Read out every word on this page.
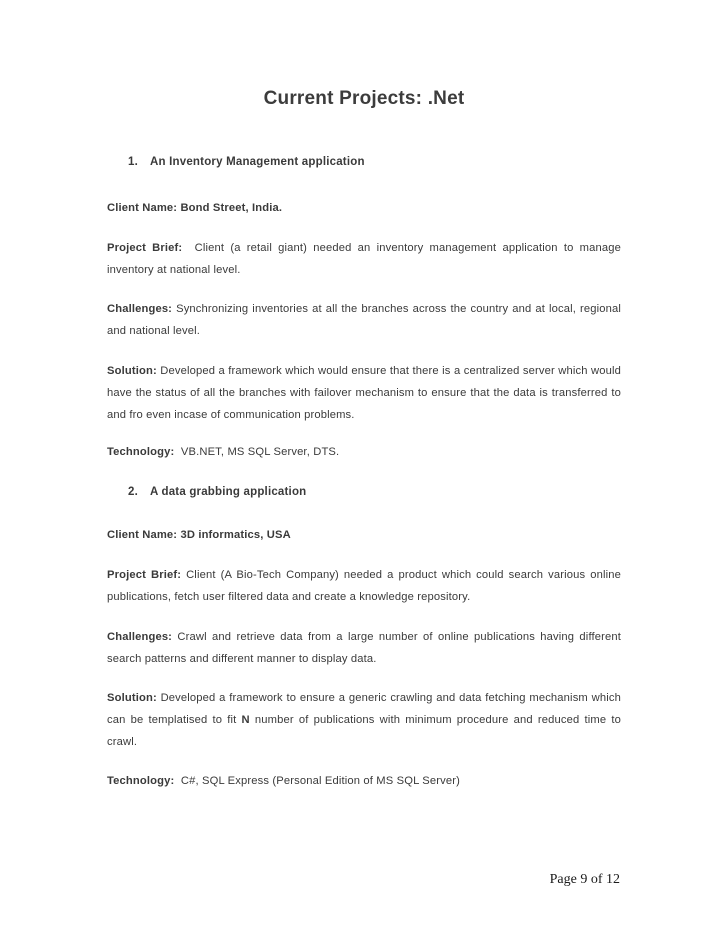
Current Projects: .Net
1. An Inventory Management application
Client Name: Bond Street, India.
Project Brief: Client (a retail giant) needed an inventory management application to manage inventory at national level.
Challenges: Synchronizing inventories at all the branches across the country and at local, regional and national level.
Solution: Developed a framework which would ensure that there is a centralized server which would have the status of all the branches with failover mechanism to ensure that the data is transferred to and fro even incase of communication problems.
Technology: VB.NET, MS SQL Server, DTS.
2. A data grabbing application
Client Name: 3D informatics, USA
Project Brief: Client (A Bio-Tech Company) needed a product which could search various online publications, fetch user filtered data and create a knowledge repository.
Challenges: Crawl and retrieve data from a large number of online publications having different search patterns and different manner to display data.
Solution: Developed a framework to ensure a generic crawling and data fetching mechanism which can be templatised to fit N number of publications with minimum procedure and reduced time to crawl.
Technology: C#, SQL Express (Personal Edition of MS SQL Server)
Page 9 of 12
